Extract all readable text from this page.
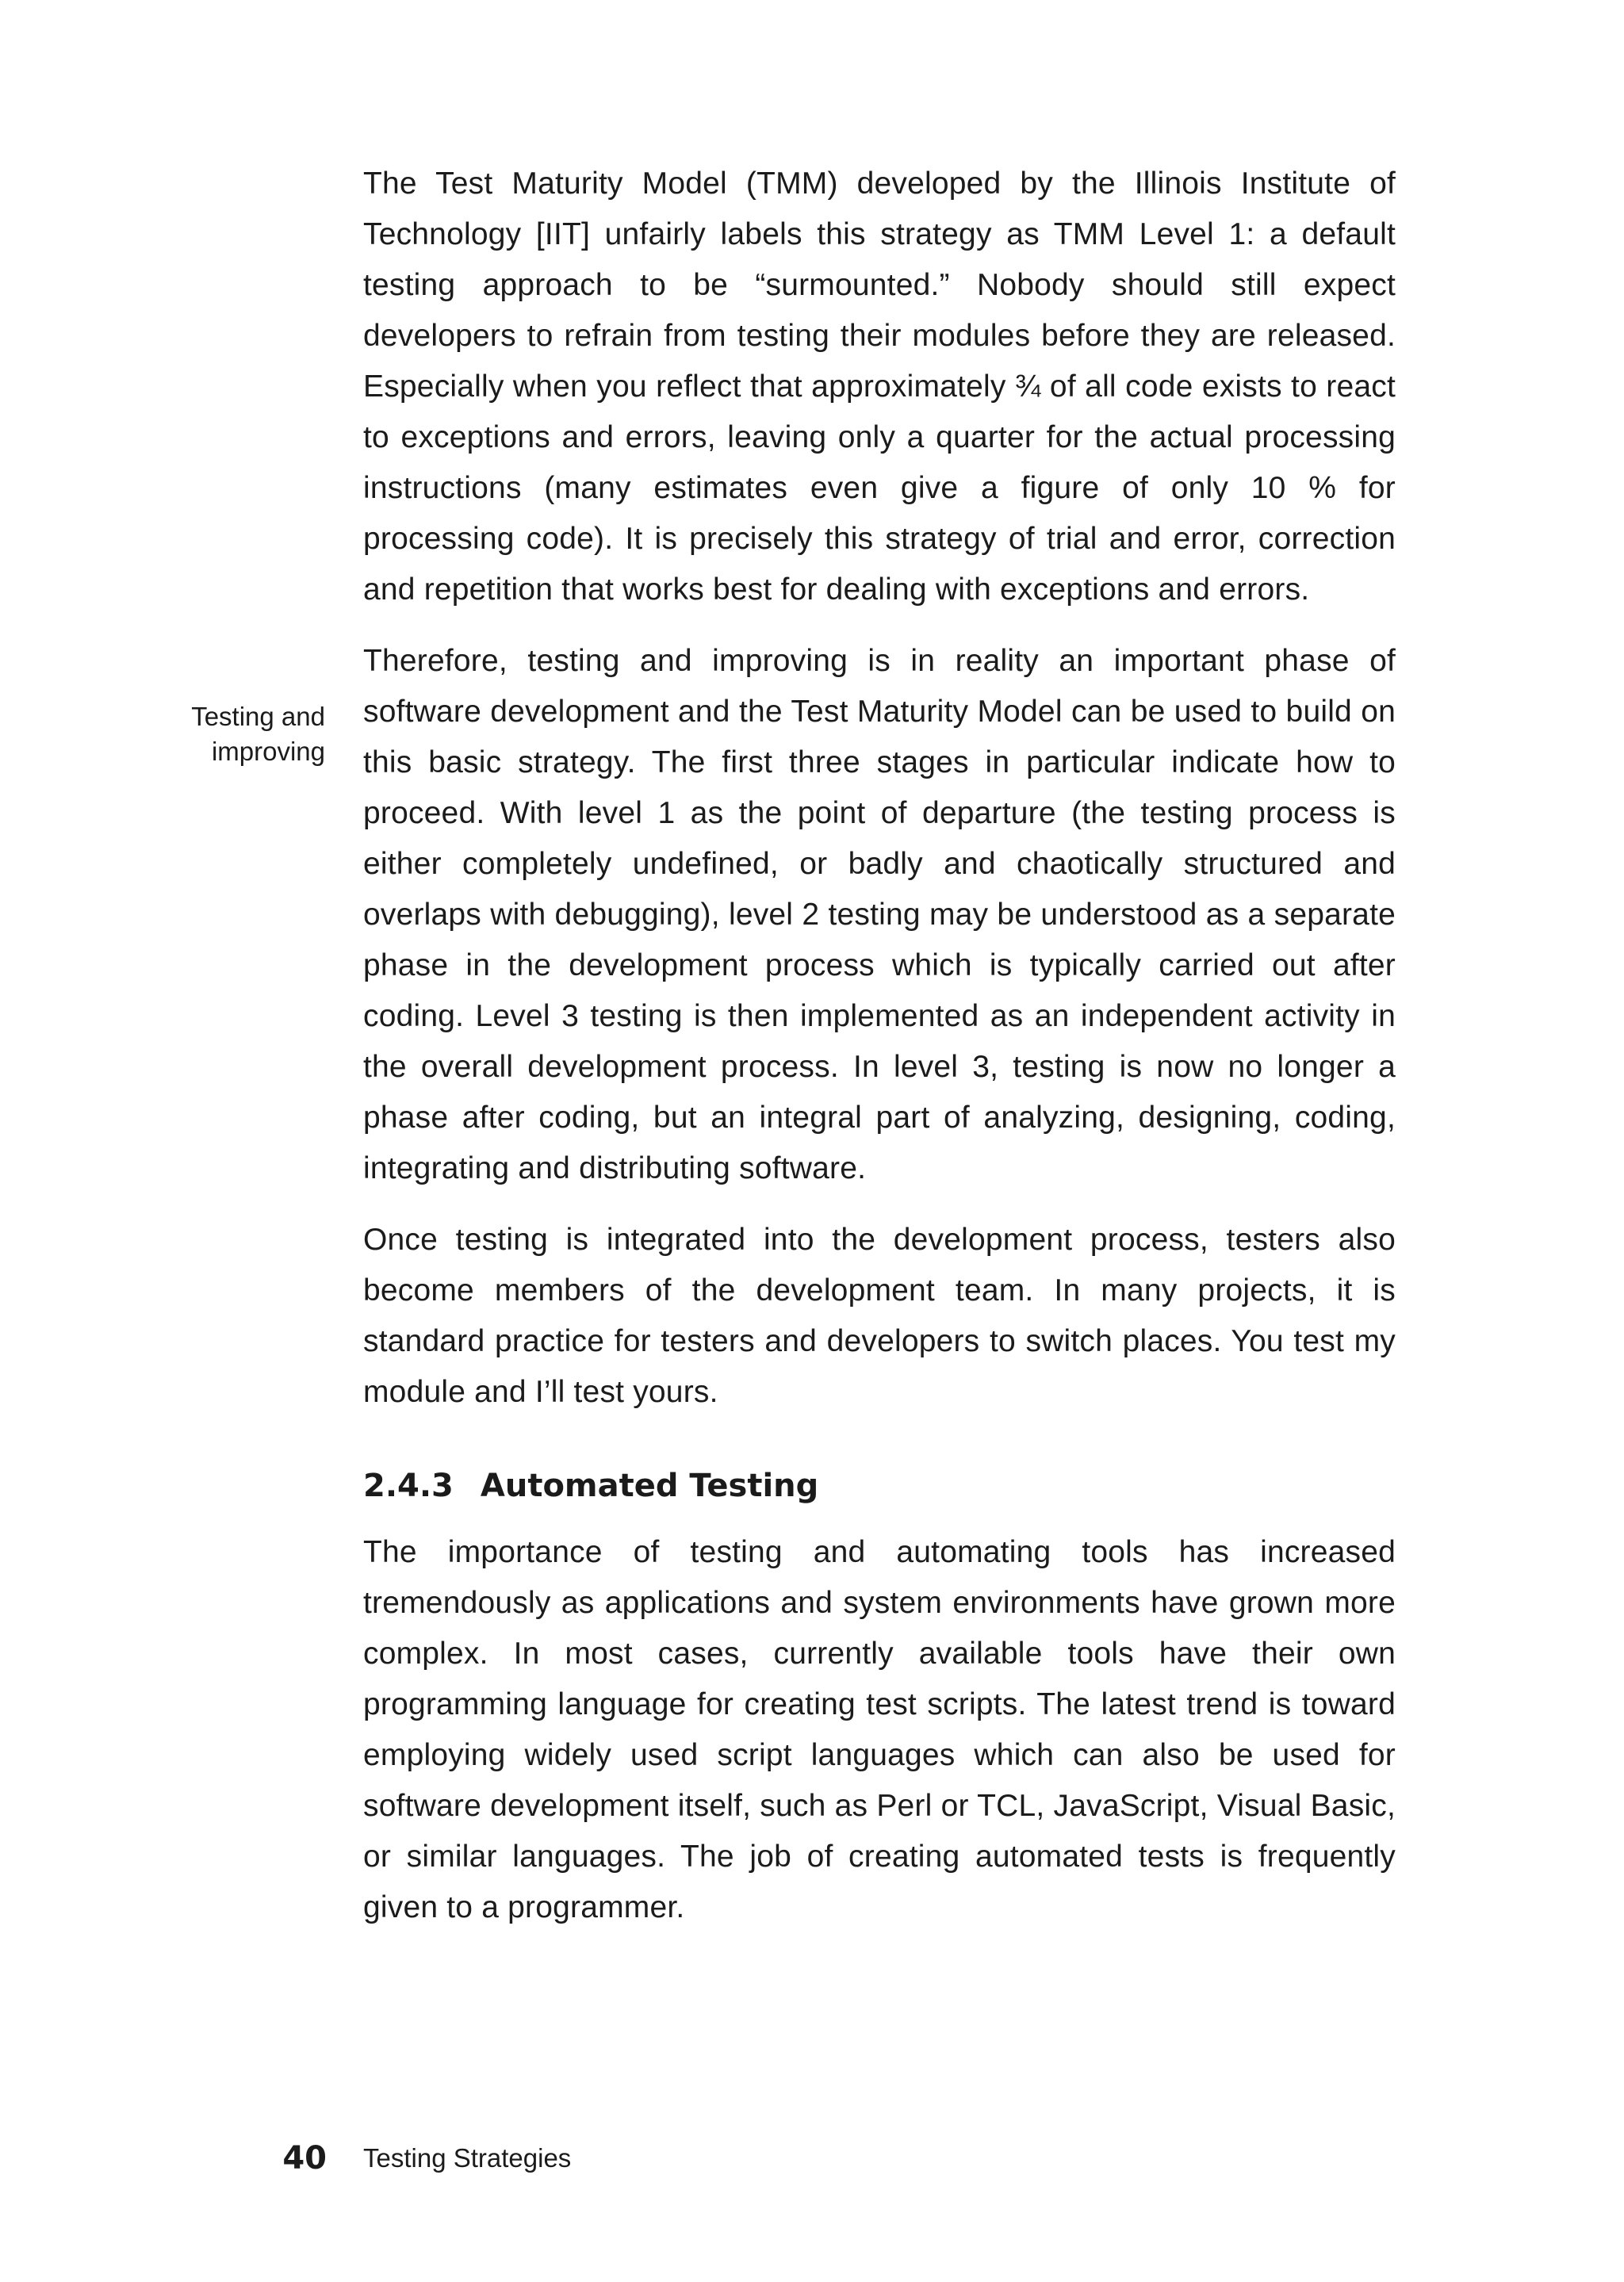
Testing and
improving

The Test Maturity Model (TMM) developed by the Illinois Institute of Technology [IIT] unfairly labels this strategy as TMM Level 1: a default testing approach to be “surmounted.” Nobody should still expect developers to refrain from testing their modules before they are released. Especially when you reflect that approximately ¾ of all code exists to react to exceptions and errors, leaving only a quarter for the actual processing instructions (many estimates even give a figure of only 10 % for processing code). It is precisely this strategy of trial and error, correction and repetition that works best for dealing with exceptions and errors.

Therefore, testing and improving is in reality an important phase of software development and the Test Maturity Model can be used to build on this basic strategy. The first three stages in particular indicate how to proceed. With level 1 as the point of departure (the testing process is either completely undefined, or badly and chaotically structured and overlaps with debugging), level 2 testing may be understood as a separate phase in the development process which is typically carried out after coding. Level 3 testing is then implemented as an independent activity in the overall development process. In level 3, testing is now no longer a phase after coding, but an integral part of analyzing, designing, coding, integrating and distributing software.

Once testing is integrated into the development process, testers also become members of the development team. In many projects, it is standard practice for testers and developers to switch places. You test my module and I’ll test yours.

2.4.3 Automated Testing

The importance of testing and automating tools has increased tremendously as applications and system environments have grown more complex. In most cases, currently available tools have their own programming language for creating test scripts. The latest trend is toward employing widely used script languages which can also be used for software development itself, such as Perl or TCL, JavaScript, Visual Basic, or similar languages. The job of creating automated tests is frequently given to a programmer.

40 Testing Strategies
